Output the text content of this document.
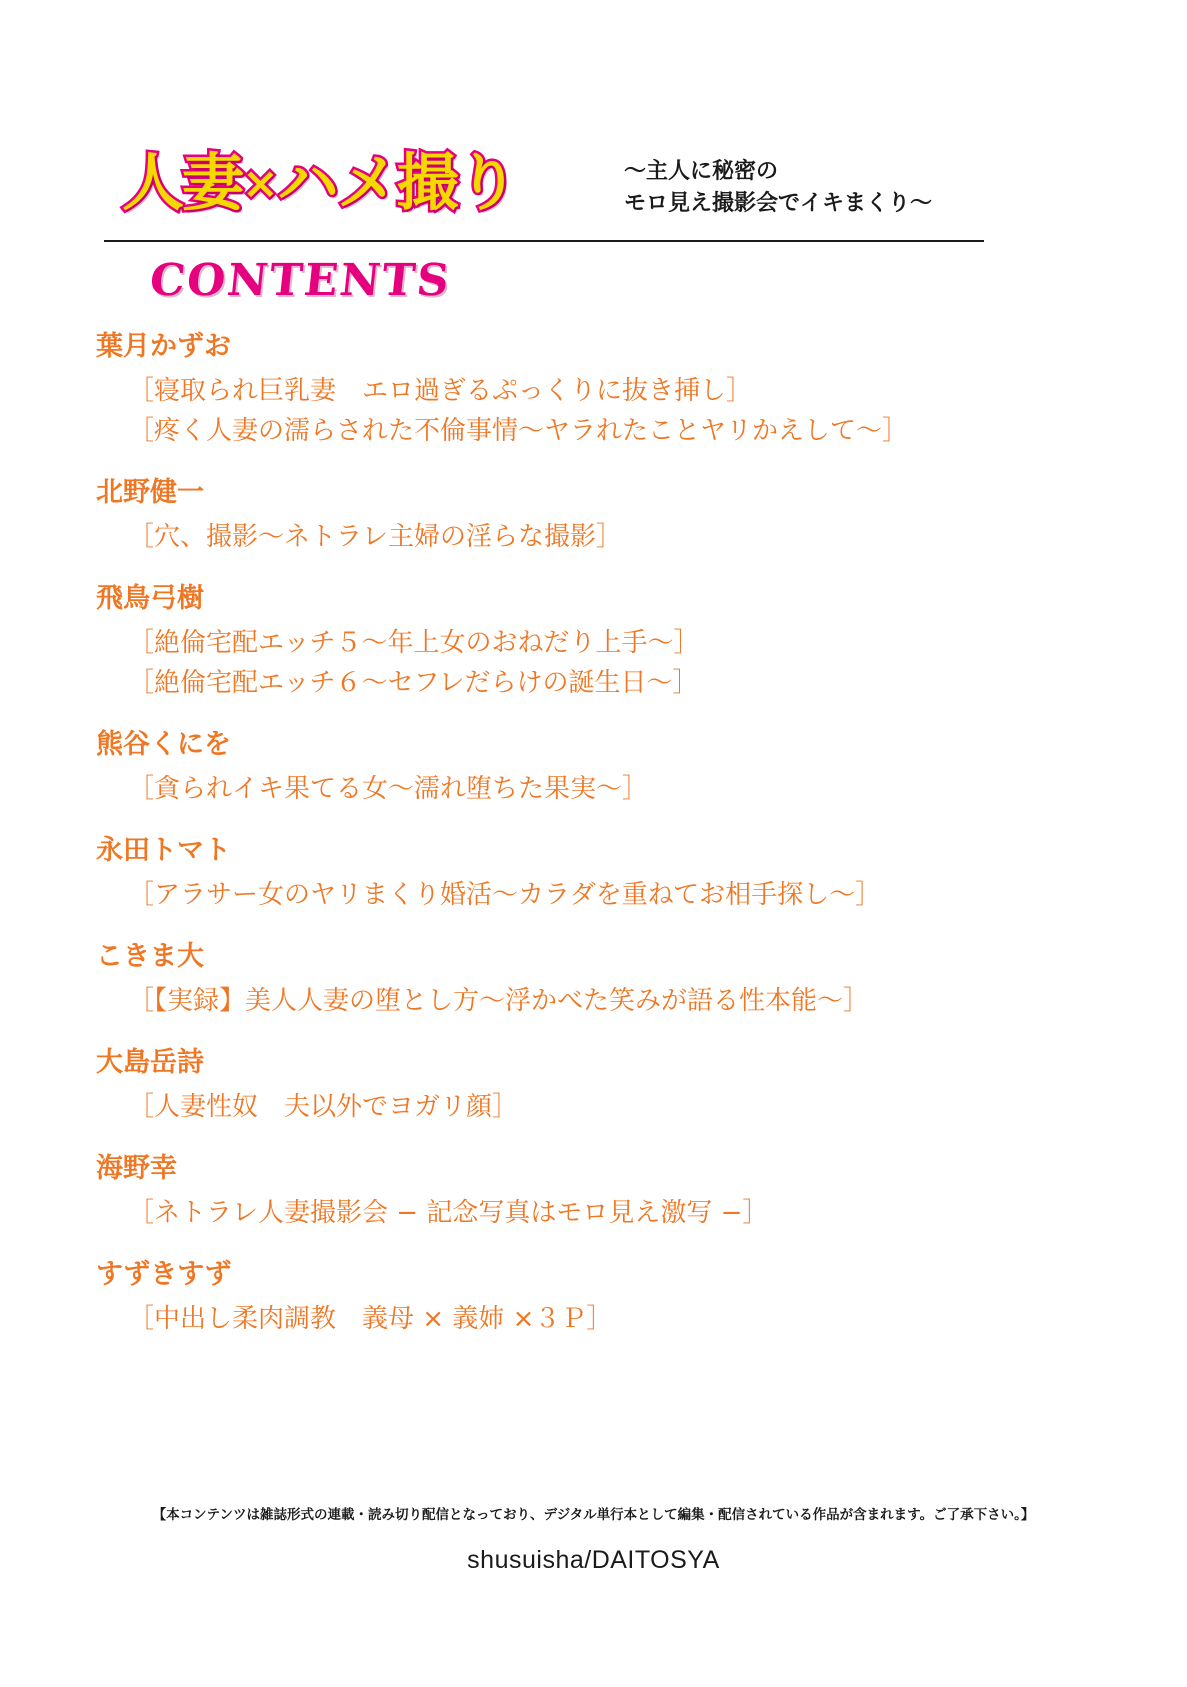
人妻×ハメ撮り	〜主人に秘密の
モロ見え撮影会でイキまくり〜
CONTENTS
葉月かずお
［寝取られ巨乳妻　エロ過ぎるぷっくりに抜き挿し］
［疼く人妻の濡らされた不倫事情〜ヤラれたことヤリかえして〜］
北野健一
［穴、撮影〜ネトラレ主婦の淫らな撮影］
飛鳥弓樹
［絶倫宅配エッチ５〜年上女のおねだり上手〜］
［絶倫宅配エッチ６〜セフレだらけの誕生日〜］
熊谷くにを
［貪られイキ果てる女〜濡れ堕ちた果実〜］
永田トマト
［アラサー女のヤリまくり婚活〜カラダを重ねてお相手探し〜］
こきま大
［【実録】美人人妻の堕とし方〜浮かべた笑みが語る性本能〜］
大島岳詩
［人妻性奴　夫以外でヨガリ顔］
海野幸
［ネトラレ人妻撮影会 − 記念写真はモロ見え激写 −］
すずきすず
［中出し柔肉調教　義母 × 義姉 ×３Ｐ］
【本コンテンツは雑誌形式の連載・読み切り配信となっており、デジタル単行本として編集・配信されている作品が含まれます。ご了承下さい。】
shusuisha/DAITOSYA
